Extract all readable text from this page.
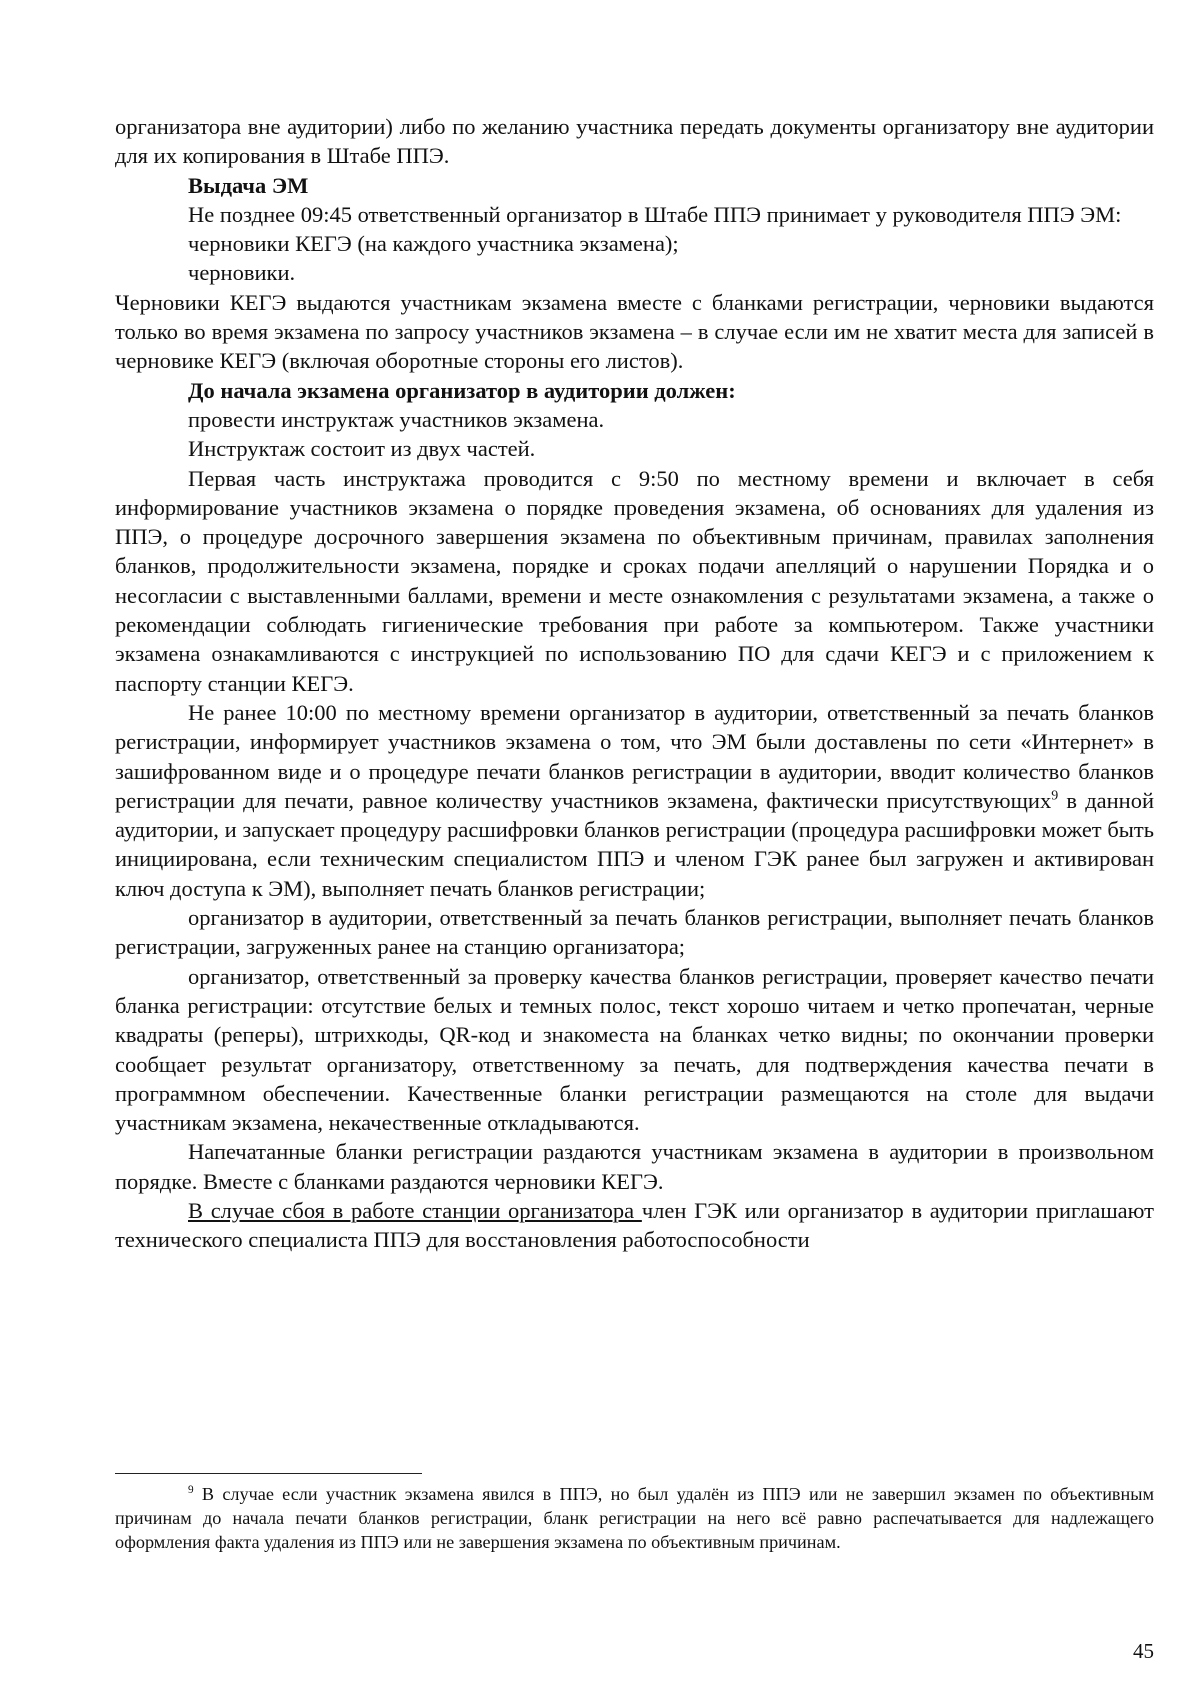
организатора вне аудитории) либо по желанию участника передать документы организатору вне аудитории для их копирования в Штабе ППЭ.

Выдача ЭМ

Не позднее 09:45 ответственный организатор в Штабе ППЭ принимает у руководителя ППЭ ЭМ:

черновики КЕГЭ (на каждого участника экзамена);

черновики.

Черновики КЕГЭ выдаются участникам экзамена вместе с бланками регистрации, черновики выдаются только во время экзамена по запросу участников экзамена – в случае если им не хватит места для записей в черновике КЕГЭ (включая оборотные стороны его листов).

До начала экзамена организатор в аудитории должен:

провести инструктаж участников экзамена.

Инструктаж состоит из двух частей.

Первая часть инструктажа проводится с 9:50 по местному времени и включает в себя информирование участников экзамена о порядке проведения экзамена, об основаниях для удаления из ППЭ, о процедуре досрочного завершения экзамена по объективным причинам, правилах заполнения бланков, продолжительности экзамена, порядке и сроках подачи апелляций о нарушении Порядка и о несогласии с выставленными баллами, времени и месте ознакомления с результатами экзамена, а также о рекомендации соблюдать гигиенические требования при работе за компьютером. Также участники экзамена ознакамливаются с инструкцией по использованию ПО для сдачи КЕГЭ и с приложением к паспорту станции КЕГЭ.

Не ранее 10:00 по местному времени организатор в аудитории, ответственный за печать бланков регистрации, информирует участников экзамена о том, что ЭМ были доставлены по сети «Интернет» в зашифрованном виде и о процедуре печати бланков регистрации в аудитории, вводит количество бланков регистрации для печати, равное количеству участников экзамена, фактически присутствующих$^9$ в данной аудитории, и запускает процедуру расшифровки бланков регистрации (процедура расшифровки может быть инициирована, если техническим специалистом ППЭ и членом ГЭК ранее был загружен и активирован ключ доступа к ЭМ), выполняет печать бланков регистрации;

организатор в аудитории, ответственный за печать бланков регистрации, выполняет печать бланков регистрации, загруженных ранее на станцию организатора;

организатор, ответственный за проверку качества бланков регистрации, проверяет качество печати бланка регистрации: отсутствие белых и темных полос, текст хорошо читаем и четко пропечатан, черные квадраты (реперы), штрихкоды, QR-код и знакоместа на бланках четко видны; по окончании проверки сообщает результат организатору, ответственному за печать, для подтверждения качества печати в программном обеспечении. Качественные бланки регистрации размещаются на столе для выдачи участникам экзамена, некачественные откладываются.

Напечатанные бланки регистрации раздаются участникам экзамена в аудитории в произвольном порядке. Вместе с бланками раздаются черновики КЕГЭ.

В случае сбоя в работе станции организатора член ГЭК или организатор в аудитории приглашают технического специалиста ППЭ для восстановления работоспособности

$^9$ В случае если участник экзамена явился в ППЭ, но был удалён из ППЭ или не завершил экзамен по объективным причинам до начала печати бланков регистрации, бланк регистрации на него всё равно распечатывается для надлежащего оформления факта удаления из ППЭ или не завершения экзамена по объективным причинам.

45
